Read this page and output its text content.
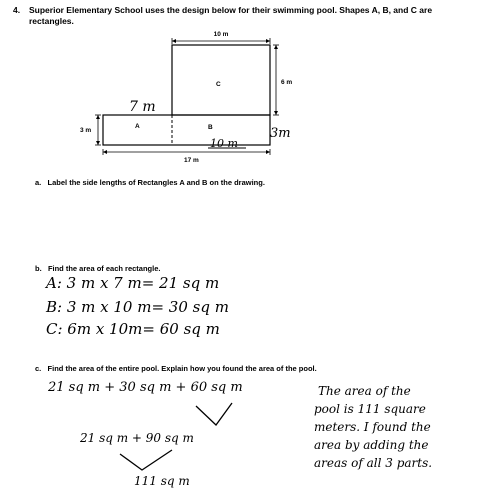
4. Superior Elementary School uses the design below for their swimming pool. Shapes A, B, and C are rectangles.
10 m
6 m
3 m
17 m
C
A	B
7 m
10 m
3m
a. Label the side lengths of Rectangles A and B on the drawing.
b. Find the area of each rectangle.
A: 3 m x 7 m= 21 sq m
B: 3 m x 10 m= 30 sq m
C: 6m x 10m= 60 sq m
c. Find the area of the entire pool. Explain how you found the area of the pool.
21 sq m + 30 sq m + 60 sq m
21 sq m + 90 sq m
111 sq m
The area of the
pool is 111 square
meters. I found the
area by adding the
areas of all 3 parts.
